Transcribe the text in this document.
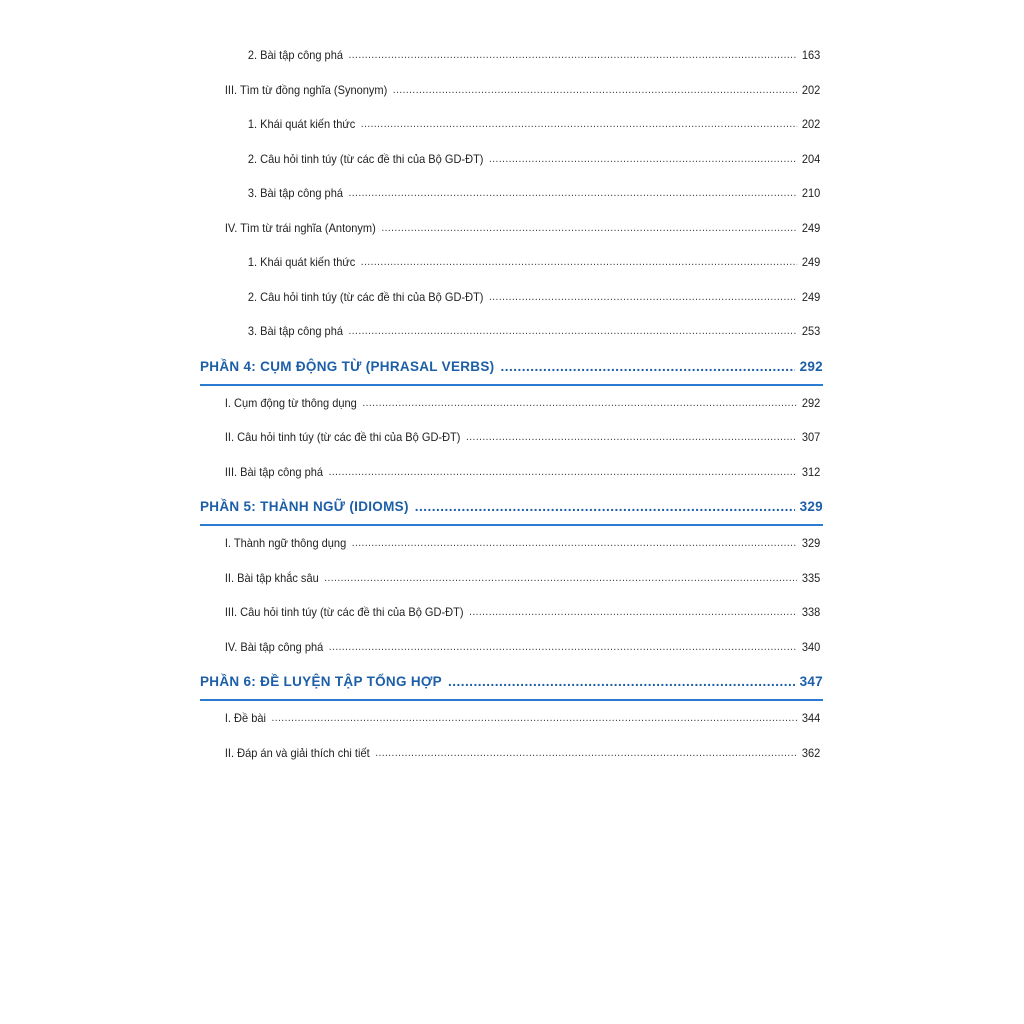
2. Bài tập công phá .....	163
III. Tìm từ đồng nghĩa (Synonym) .....	202
1. Khái quát kiến thức .....	202
2. Câu hỏi tinh túy (từ các đề thi của Bộ GD-ĐT) .....	204
3. Bài tập công phá .....	210
IV. Tìm từ trái nghĩa (Antonym) .....	249
1. Khái quát kiến thức .....	249
2. Câu hỏi tinh túy (từ các đề thi của Bộ GD-ĐT) .....	249
3. Bài tập công phá .....	253
PHẦN 4: CỤM ĐỘNG TỪ (PHRASAL VERBS) .....	292
I. Cụm động từ thông dụng .....	292
II. Câu hỏi tinh túy (từ các đề thi của Bộ GD-ĐT) .....	307
III. Bài tập công phá .....	312
PHẦN 5: THÀNH NGỮ (IDIOMS) .....	329
I. Thành ngữ thông dụng .....	329
II. Bài tập khắc sâu .....	335
III. Câu hỏi tinh túy (từ các đề thi của Bộ GD-ĐT) .....	338
IV. Bài tập công phá .....	340
PHẦN 6: ĐỀ LUYỆN TẬP TỔNG HỢP .....	347
I. Đề bài .....	344
II. Đáp án và giải thích chi tiết .....	362
